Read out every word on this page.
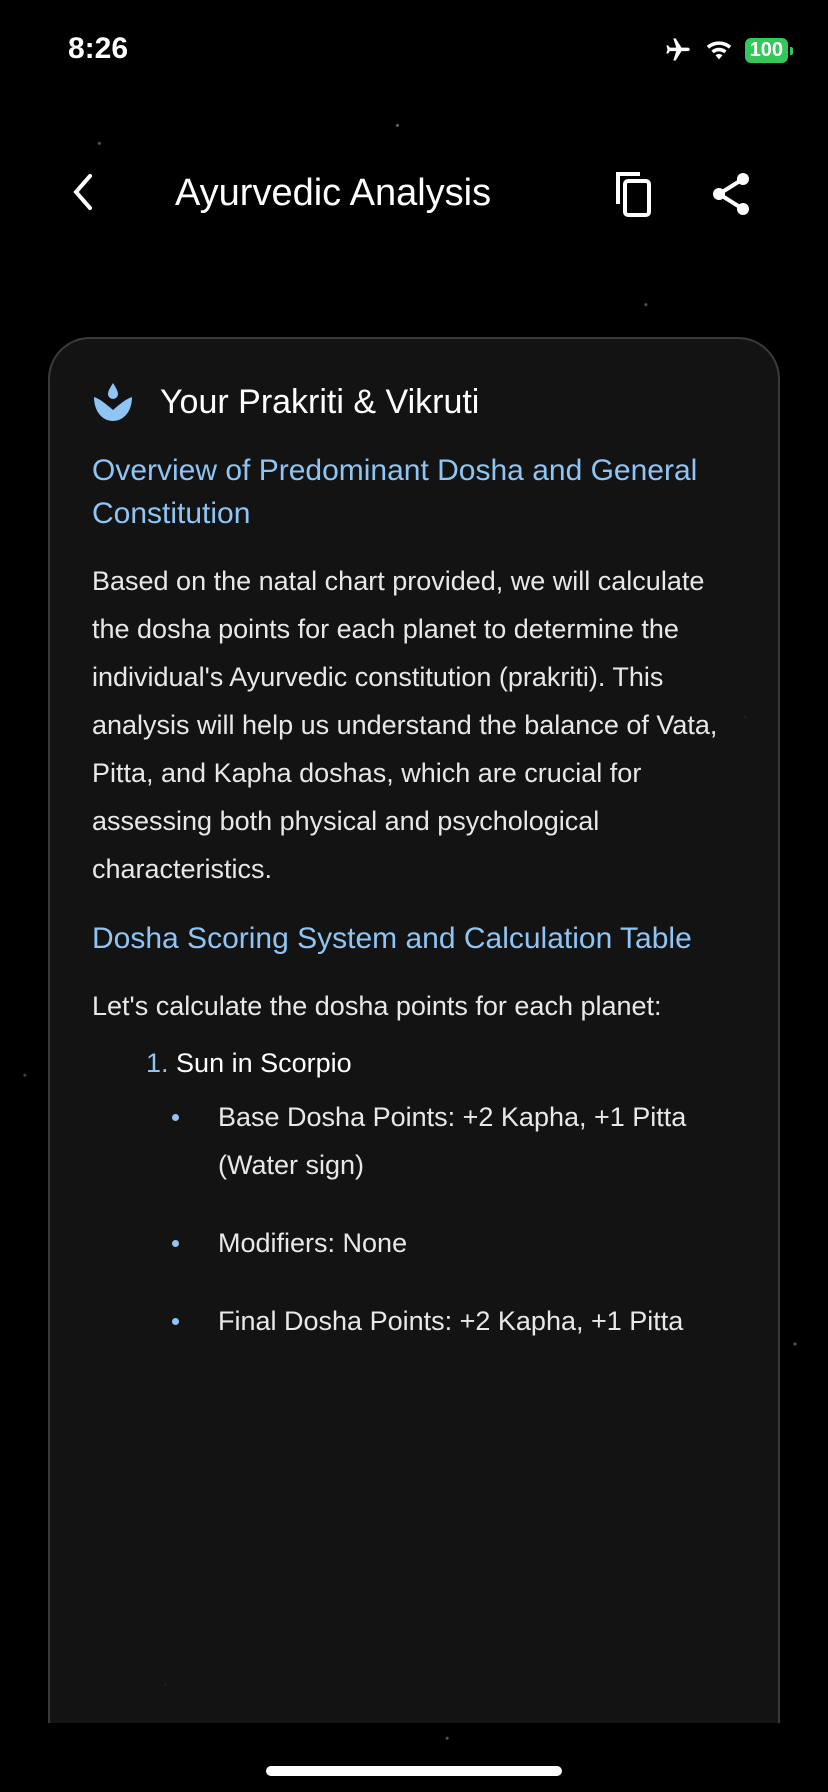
8:26	100
Ayurvedic Analysis
Your Prakriti & Vikruti
Overview of Predominant Dosha and General Constitution
Based on the natal chart provided, we will calculate the dosha points for each planet to determine the individual's Ayurvedic constitution (prakriti). This analysis will help us understand the balance of Vata, Pitta, and Kapha doshas, which are crucial for assessing both physical and psychological characteristics.
Dosha Scoring System and Calculation Table
Let's calculate the dosha points for each planet:
1. Sun in Scorpio
Base Dosha Points: +2 Kapha, +1 Pitta (Water sign)
Modifiers: None
Final Dosha Points: +2 Kapha, +1 Pitta
